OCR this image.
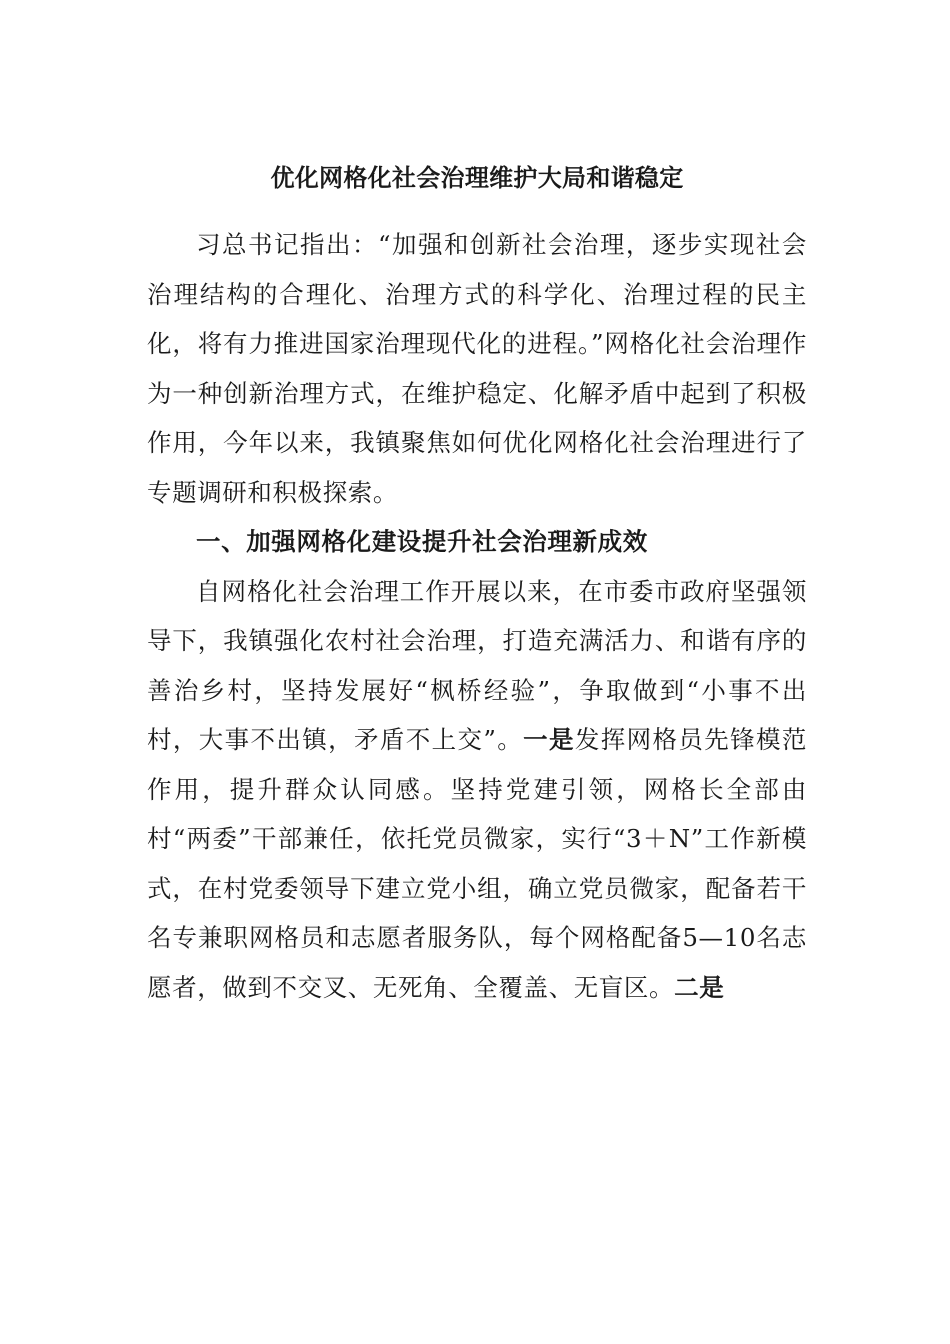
优化网格化社会治理维护大局和谐稳定

习总书记指出：“加强和创新社会治理，逐步实现社会治理结构的合理化、治理方式的科学化、治理过程的民主化，将有力推进国家治理现代化的进程。”网格化社会治理作为一种创新治理方式，在维护稳定、化解矛盾中起到了积极作用，今年以来，我镇聚焦如何优化网格化社会治理进行了专题调研和积极探索。

一、加强网格化建设提升社会治理新成效

自网格化社会治理工作开展以来，在市委市政府坚强领导下，我镇强化农村社会治理，打造充满活力、和谐有序的善治乡村，坚持发展好“枫桥经验”，争取做到“小事不出村，大事不出镇，矛盾不上交”。一是发挥网格员先锋模范作用，提升群众认同感。坚持党建引领，网格长全部由村“两委”干部兼任，依托党员微家，实行“3＋N”工作新模式，在村党委领导下建立党小组，确立党员微家，配备若干名专兼职网格员和志愿者服务队，每个网格配备5—10名志愿者，做到不交叉、无死角、全覆盖、无盲区。二是
